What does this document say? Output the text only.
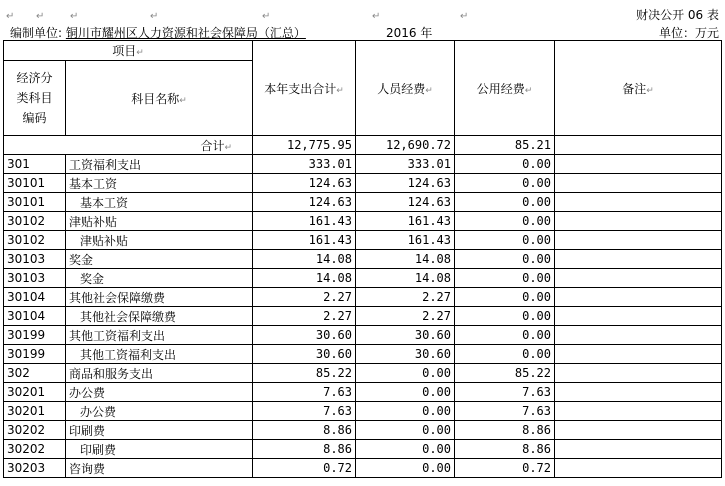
↵ ↵	↵	↵	↵	↵	↵	财决公开 06 表
编制单位: 铜川市耀州区人力资源和社会保障局（汇总）	2016 年	单位：万元
项目↵		本年支出合计↵	人员经费↵	公用经费↵	备注↵
经济分类科目编码	科目名称↵				
合计↵		12,775.95	12,690.72	85.21	
301	工资福利支出	333.01	333.01	0.00	
30101	基本工资	124.63	124.63	0.00	
30101	基本工资	124.63	124.63	0.00	
30102	津贴补贴	161.43	161.43	0.00	
30102	津贴补贴	161.43	161.43	0.00	
30103	奖金	14.08	14.08	0.00	
30103	奖金	14.08	14.08	0.00	
30104	其他社会保障缴费	2.27	2.27	0.00	
30104	其他社会保障缴费	2.27	2.27	0.00	
30199	其他工资福利支出	30.60	30.60	0.00	
30199	其他工资福利支出	30.60	30.60	0.00	
302	商品和服务支出	85.22	0.00	85.22	
30201	办公费	7.63	0.00	7.63	
30201	办公费	7.63	0.00	7.63	
30202	印刷费	8.86	0.00	8.86	
30202	印刷费	8.86	0.00	8.86	
30203	咨询费	0.72	0.00	0.72	
